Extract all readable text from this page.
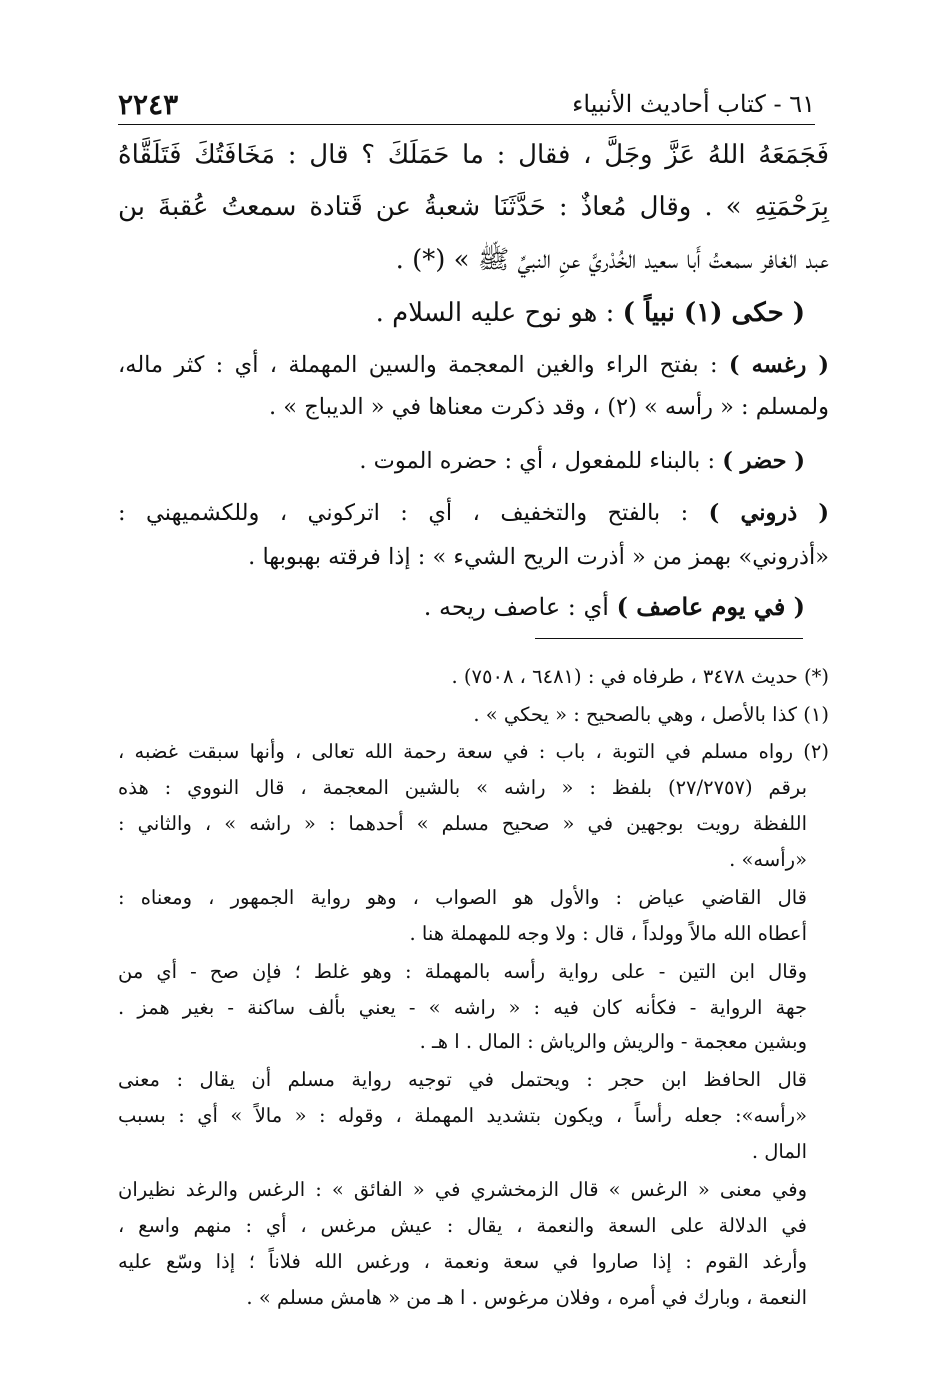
٦١ - كتاب أحاديث الأنبياء
٢٢٤٣
فَجَمَعَهُ اللهُ عَزَّ وجَلَّ ، فقال : ما حَمَلَكَ ؟ قال : مَخَافَتُكَ فَتَلَقَّاهُ
بِرَحْمَتِهِ » . وقال مُعاذٌ : حَدَّثَنَا شعبةُ عن قَتادة سمعتُ عُقبةَ بن
عبد الغافر سمعتُ أَبا سعيد الخُدْريَّ عنِ النبيِّ ﷺ » (*) .
( حكى (١) نبياً ) : هو نوح عليه السلام .
( رغسه ) : بفتح الراء والغين المعجمة والسين المهملة ، أي : كثر ماله،
ولمسلم : « رأسه » (٢) ، وقد ذكرت معناها في « الديباج » .
( حضر ) : بالبناء للمفعول ، أي : حضره الموت .
( ذروني ) : بالفتح والتخفيف ، أي : اتركوني ، وللكشميهني :
«أذروني» بهمز من « أذرت الريح الشيء » : إذا فرقته بهبوبها .
( في يوم عاصف ) أي : عاصف ريحه .
(*) حديث ٣٤٧٨ ، طرفاه في : (٦٤٨١ ، ٧٥٠٨) .
(١) كذا بالأصل ، وهي بالصحيح : « يحكي » .
(٢) رواه مسلم في التوبة ، باب : في سعة رحمة الله تعالى ، وأنها سبقت غضبه ،
برقم (٢٧/٢٧٥٧) بلفظ : « راشه » بالشين المعجمة ، قال النووي : هذه
اللفظة رويت بوجهين في « صحيح مسلم » أحدهما : « راشه » ، والثاني :
«رأسه» .
قال القاضي عياض : والأول هو الصواب ، وهو رواية الجمهور ، ومعناه :
أعطاه الله مالاً وولداً ، قال : ولا وجه للمهملة هنا .
وقال ابن التين - على رواية رأسه بالمهملة : وهو غلط ؛ فإن صح - أي من
جهة الرواية - فكأنه كان فيه : « راشه » - يعني بألف ساكنة - بغير همز .
وبشين معجمة - والريش والرياش : المال . ا هـ .
قال الحافظ ابن حجر : ويحتمل في توجيه رواية مسلم أن يقال : معنى
«رأسه»: جعله رأساً ، ويكون بتشديد المهملة ، وقوله : « مالاً » أي : بسبب
المال .
وفي معنى « الرغس » قال الزمخشري في « الفائق » : الرغس والرغد نظيران
في الدلالة على السعة والنعمة ، يقال : عيش مرغس ، أي : منهم واسع ،
وأرغد القوم : إذا صاروا في سعة ونعمة ، ورغس الله فلاناً ؛ إذا وسّع عليه
النعمة ، وبارك في أمره ، وفلان مرغوس . ا هـ من « هامش مسلم » .
